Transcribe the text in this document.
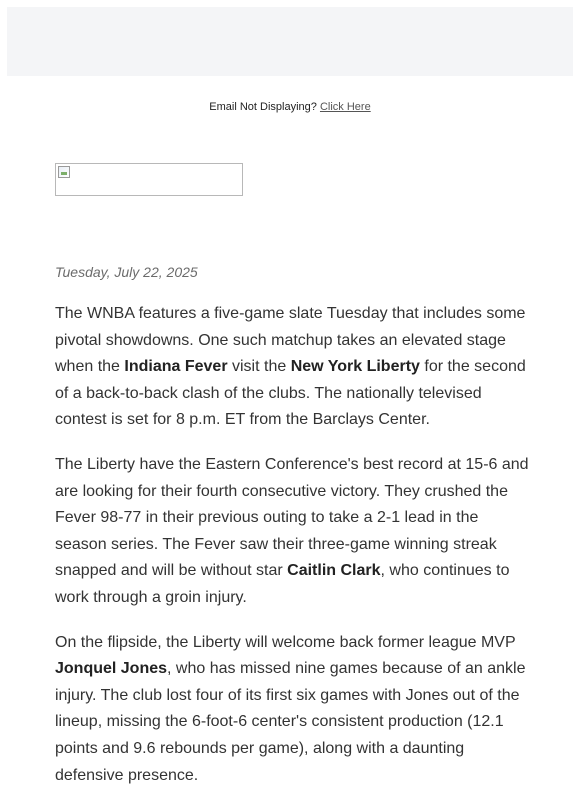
Email Not Displaying? Click Here
Tuesday, July 22, 2025

The WNBA features a five-game slate Tuesday that includes some pivotal showdowns. One such matchup takes an elevated stage when the Indiana Fever visit the New York Liberty for the second of a back-to-back clash of the clubs. The nationally televised contest is set for 8 p.m. ET from the Barclays Center.

The Liberty have the Eastern Conference's best record at 15-6 and are looking for their fourth consecutive victory. They crushed the Fever 98-77 in their previous outing to take a 2-1 lead in the season series. The Fever saw their three-game winning streak snapped and will be without star Caitlin Clark, who continues to work through a groin injury.

On the flipside, the Liberty will welcome back former league MVP Jonquel Jones, who has missed nine games because of an ankle injury. The club lost four of its first six games with Jones out of the lineup, missing the 6-foot-6 center's consistent production (12.1 points and 9.6 rebounds per game), along with a daunting defensive presence.
